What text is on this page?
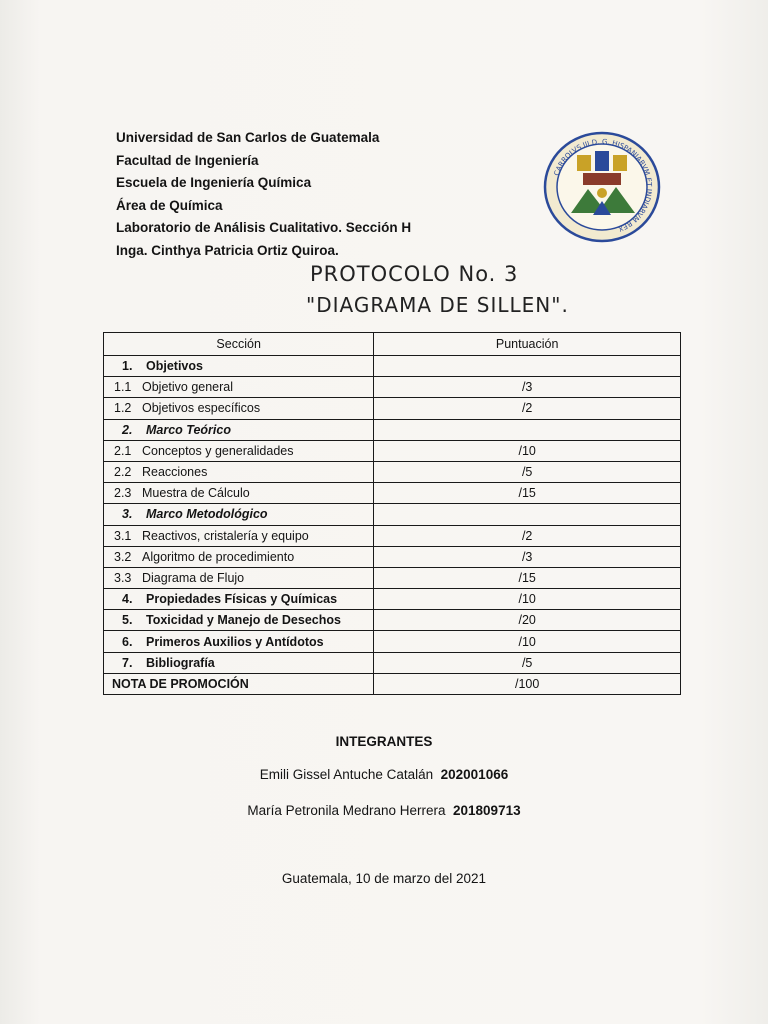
Universidad de San Carlos de Guatemala
Facultad de Ingeniería
Escuela de Ingeniería Química
Área de Química
Laboratorio de Análisis Cualitativo. Sección H
Inga. Cinthya Patricia Ortiz Quiroa.
CARROLVS III D. G. HISPANIARVM ET INDIARVM REX
PROTOCOLO No. 3
"DIAGRAMA DE SILLEN".
Sección	Puntuación
1. Objetivos	
1.1 Objetivo general	/3
1.2 Objetivos específicos	/2
2. Marco Teórico	
2.1 Conceptos y generalidades	/10
2.2 Reacciones	/5
2.3 Muestra de Cálculo	/15
3. Marco Metodológico	
3.1 Reactivos, cristalería y equipo	/2
3.2 Algoritmo de procedimiento	/3
3.3 Diagrama de Flujo	/15
4. Propiedades Físicas y Químicas	/10
5. Toxicidad y Manejo de Desechos	/20
6. Primeros Auxilios y Antídotos	/10
7. Bibliografía	/5
NOTA DE PROMOCIÓN	/100
INTEGRANTES
Emili Gissel Antuche Catalán 202001066
María Petronila Medrano Herrera 201809713
Guatemala, 10 de marzo del 2021
